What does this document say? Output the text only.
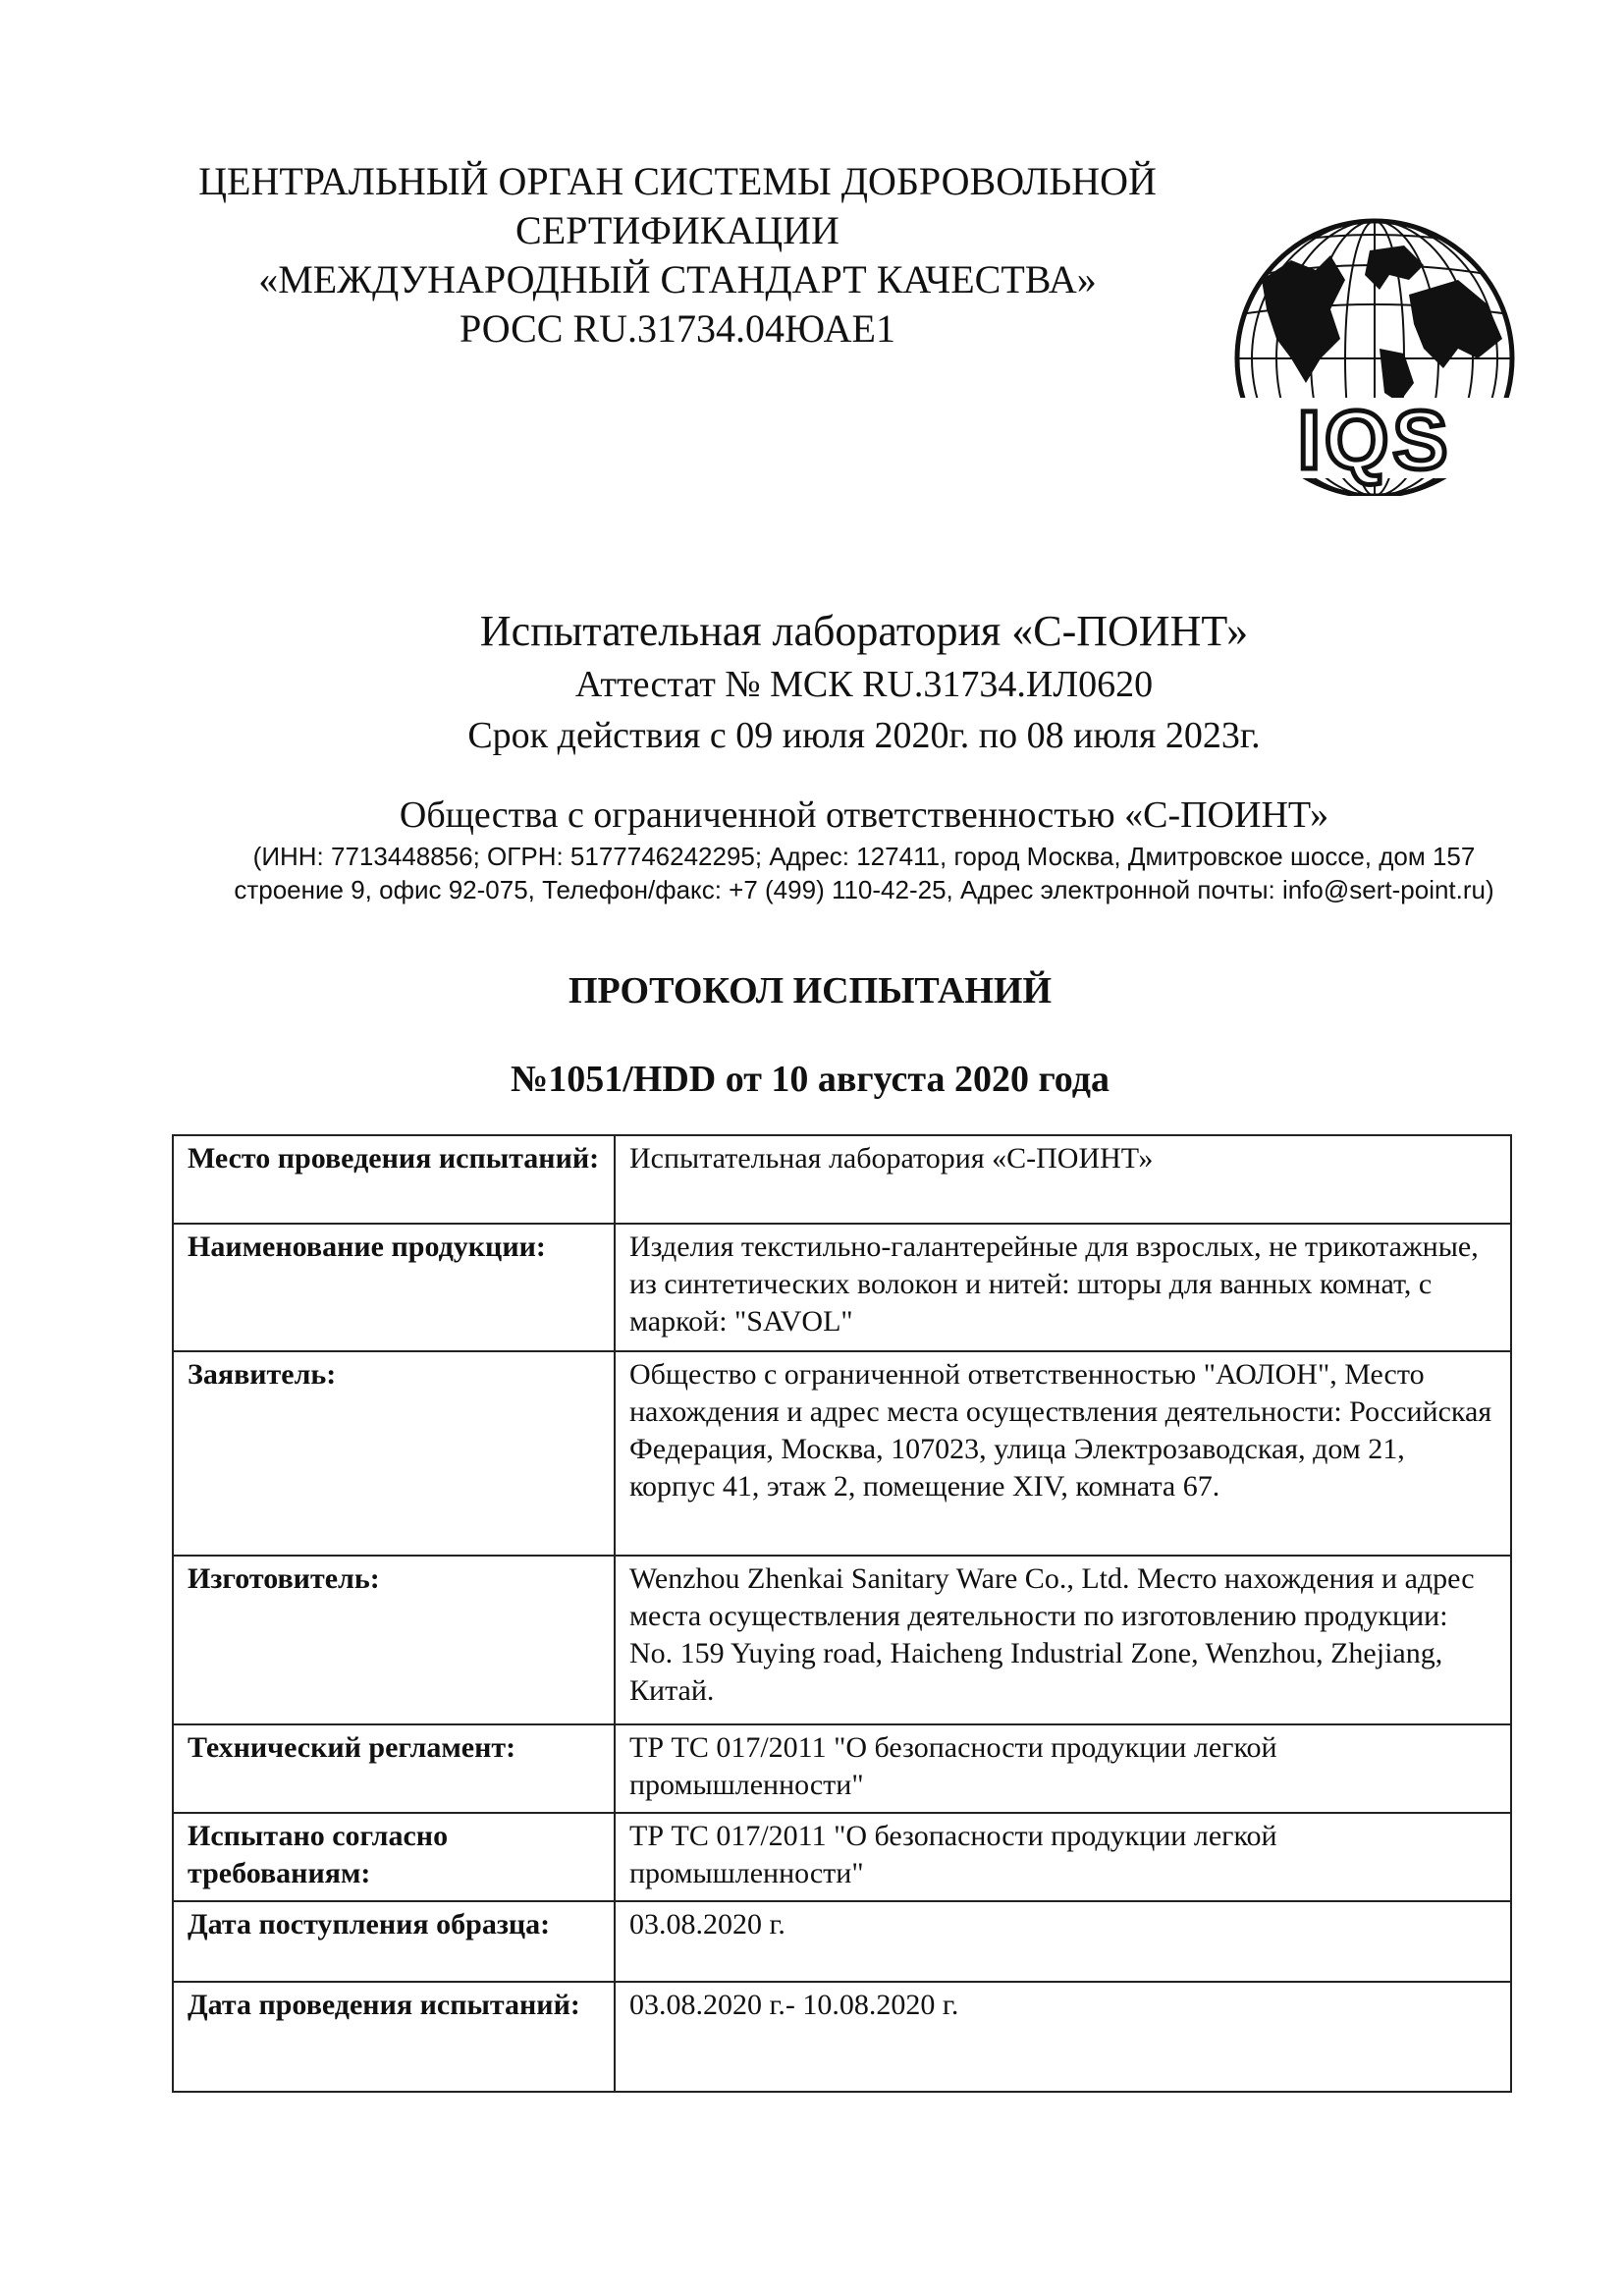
ЦЕНТРАЛЬНЫЙ ОРГАН СИСТЕМЫ ДОБРОВОЛЬНОЙ
СЕРТИФИКАЦИИ
«МЕЖДУНАРОДНЫЙ СТАНДАРТ КАЧЕСТВА»
РОСС RU.31734.04ЮАЕ1
IQS
Испытательная лаборатория «С-ПОИНТ»
Аттестат № МСК RU.31734.ИЛ0620
Срок действия с 09 июля 2020г. по 08 июля 2023г.
Общества с ограниченной ответственностью «С-ПОИНТ»
(ИНН: 7713448856; ОГРН: 5177746242295; Адрес: 127411, город Москва, Дмитровское шоссе, дом 157
строение 9, офис 92-075, Телефон/факс: +7 (499) 110-42-25, Адрес электронной почты: info@sert-point.ru)
ПРОТОКОЛ ИСПЫТАНИЙ
№1051/HDD от 10 августа 2020 года
Место проведения испытаний:	Испытательная лаборатория «С-ПОИНТ»
Наименование продукции:	Изделия текстильно-галантерейные для взрослых, не трикотажные, из синтетических волокон и нитей: шторы для ванных комнат, с маркой: "SAVOL"
Заявитель:	Общество с ограниченной ответственностью "АОЛОН", Место нахождения и адрес места осуществления деятельности: Российская Федерация, Москва, 107023, улица Электрозаводская, дом 21, корпус 41, этаж 2, помещение XIV, комната 67.
Изготовитель:	Wenzhou Zhenkai Sanitary Ware Co., Ltd. Место нахождения и адрес места осуществления деятельности по изготовлению продукции: No. 159 Yuying road, Haicheng Industrial Zone, Wenzhou, Zhejiang, Китай.
Технический регламент:	ТР ТС 017/2011 "О безопасности продукции легкой промышленности"
Испытано согласно требованиям:	ТР ТС 017/2011 "О безопасности продукции легкой промышленности"
Дата поступления образца:	03.08.2020 г.
Дата проведения испытаний:	03.08.2020 г.- 10.08.2020 г.
